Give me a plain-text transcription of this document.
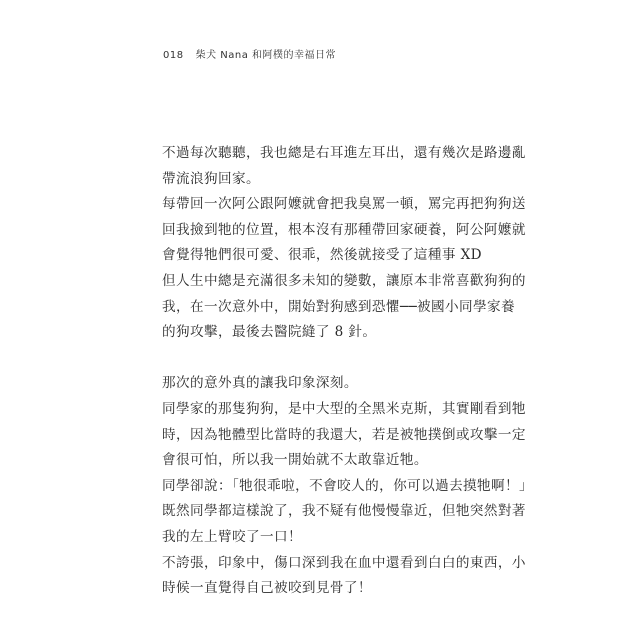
018 柴犬 Nana 和阿樸的幸福日常

不過每次聽聽，我也總是右耳進左耳出，還有幾次是路邊亂

帶流浪狗回家。

每帶回一次阿公跟阿嬤就會把我臭罵一頓，罵完再把狗狗送

回我撿到牠的位置，根本沒有那種帶回家硬養，阿公阿嬤就

會覺得牠們很可愛、很乖，然後就接受了這種事 XD

但人生中總是充滿很多未知的變數，讓原本非常喜歡狗狗的

我，在一次意外中，開始對狗感到恐懼──被國小同學家養

的狗攻擊，最後去醫院縫了 8 針。

那次的意外真的讓我印象深刻。

同學家的那隻狗狗，是中大型的全黑米克斯，其實剛看到牠

時，因為牠體型比當時的我還大，若是被牠撲倒或攻擊一定

會很可怕，所以我一開始就不太敢靠近牠。

同學卻說：「牠很乖啦，不會咬人的，你可以過去摸牠啊！」

既然同學都這樣說了，我不疑有他慢慢靠近，但牠突然對著

我的左上臂咬了一口！

不誇張，印象中，傷口深到我在血中還看到白白的東西，小

時候一直覺得自己被咬到見骨了！
